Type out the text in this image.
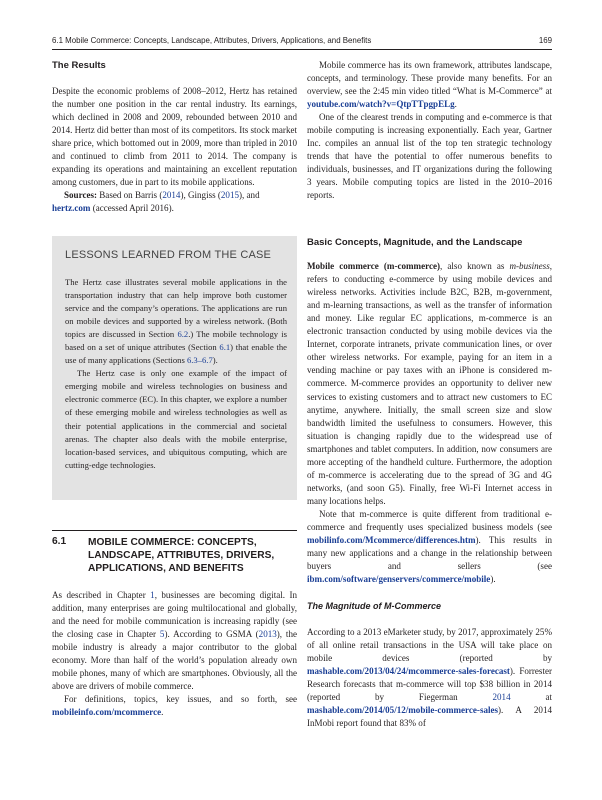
6.1 Mobile Commerce: Concepts, Landscape, Attributes, Drivers, Applications, and Benefits	169

The Results

Despite the economic problems of 2008–2012, Hertz has retained the number one position in the car rental industry. Its earnings, which declined in 2008 and 2009, rebounded between 2010 and 2014. Hertz did better than most of its competitors. Its stock market share price, which bottomed out in 2009, more than tripled in 2010 and continued to climb from 2011 to 2014. The company is expanding its operations and maintaining an excellent reputation among customers, due in part to its mobile applications.

Sources: Based on Barris (2014), Gingiss (2015), and
hertz.com (accessed April 2016).

LESSONS LEARNED FROM THE CASE

The Hertz case illustrates several mobile applications in the transportation industry that can help improve both customer service and the company’s operations. The applications are run on mobile devices and supported by a wireless network. (Both topics are discussed in Section 6.2.) The mobile technology is based on a set of unique attributes (Section 6.1) that enable the use of many applications (Sections 6.3–6.7).

The Hertz case is only one example of the impact of emerging mobile and wireless technologies on business and electronic commerce (EC). In this chapter, we explore a number of these emerging mobile and wireless technologies as well as their potential applications in the commercial and societal arenas. The chapter also deals with the mobile enterprise, location-based services, and ubiquitous computing, which are cutting-edge technologies.

6.1 MOBILE COMMERCE: CONCEPTS, LANDSCAPE, ATTRIBUTES, DRIVERS, APPLICATIONS, AND BENEFITS

As described in Chapter 1, businesses are becoming digital. In addition, many enterprises are going multilocational and globally, and the need for mobile communication is increasing rapidly (see the closing case in Chapter 5). According to GSMA (2013), the mobile industry is already a major contributor to the global economy. More than half of the world’s population already own mobile phones, many of which are smartphones. Obviously, all the above are drivers of mobile commerce.

For definitions, topics, key issues, and so forth, see mobileinfo.com/mcommerce.

Mobile commerce has its own framework, attributes landscape, concepts, and terminology. These provide many benefits. For an overview, see the 2:45 min video titled “What is M-Commerce” at youtube.com/watch?v=QtpTTpgpELg.

One of the clearest trends in computing and e-commerce is that mobile computing is increasing exponentially. Each year, Gartner Inc. compiles an annual list of the top ten strategic technology trends that have the potential to offer numerous benefits to individuals, businesses, and IT organizations during the following 3 years. Mobile computing topics are listed in the 2010–2016 reports.

Basic Concepts, Magnitude, and the Landscape

Mobile commerce (m-commerce), also known as m-business, refers to conducting e-commerce by using mobile devices and wireless networks. Activities include B2C, B2B, m-government, and m-learning transactions, as well as the transfer of information and money. Like regular EC applications, m-commerce is an electronic transaction conducted by using mobile devices via the Internet, corporate intranets, private communication lines, or over other wireless networks. For example, paying for an item in a vending machine or pay taxes with an iPhone is considered m-commerce. M-commerce provides an opportunity to deliver new services to existing customers and to attract new customers to EC anytime, anywhere. Initially, the small screen size and slow bandwidth limited the usefulness to consumers. However, this situation is changing rapidly due to the widespread use of smartphones and tablet computers. In addition, now consumers are more accepting of the handheld culture. Furthermore, the adoption of m-commerce is accelerating due to the spread of 3G and 4G networks, (and soon G5). Finally, free Wi-Fi Internet access in many locations helps.

Note that m-commerce is quite different from traditional e-commerce and frequently uses specialized business models (see mobilinfo.com/Mcommerce/differences.htm). This results in many new applications and a change in the relationship between buyers and sellers (see ibm.com/software/genservers/commerce/mobile).

The Magnitude of M-Commerce

According to a 2013 eMarketer study, by 2017, approximately 25% of all online retail transactions in the USA will take place on mobile devices (reported by mashable.com/2013/04/24/mcommerce-sales-forecast). Forrester Research forecasts that m-commerce will top $38 billion in 2014 (reported by Fiegerman 2014 at mashable.com/2014/05/12/mobile-commerce-sales). A 2014 InMobi report found that 83% of
